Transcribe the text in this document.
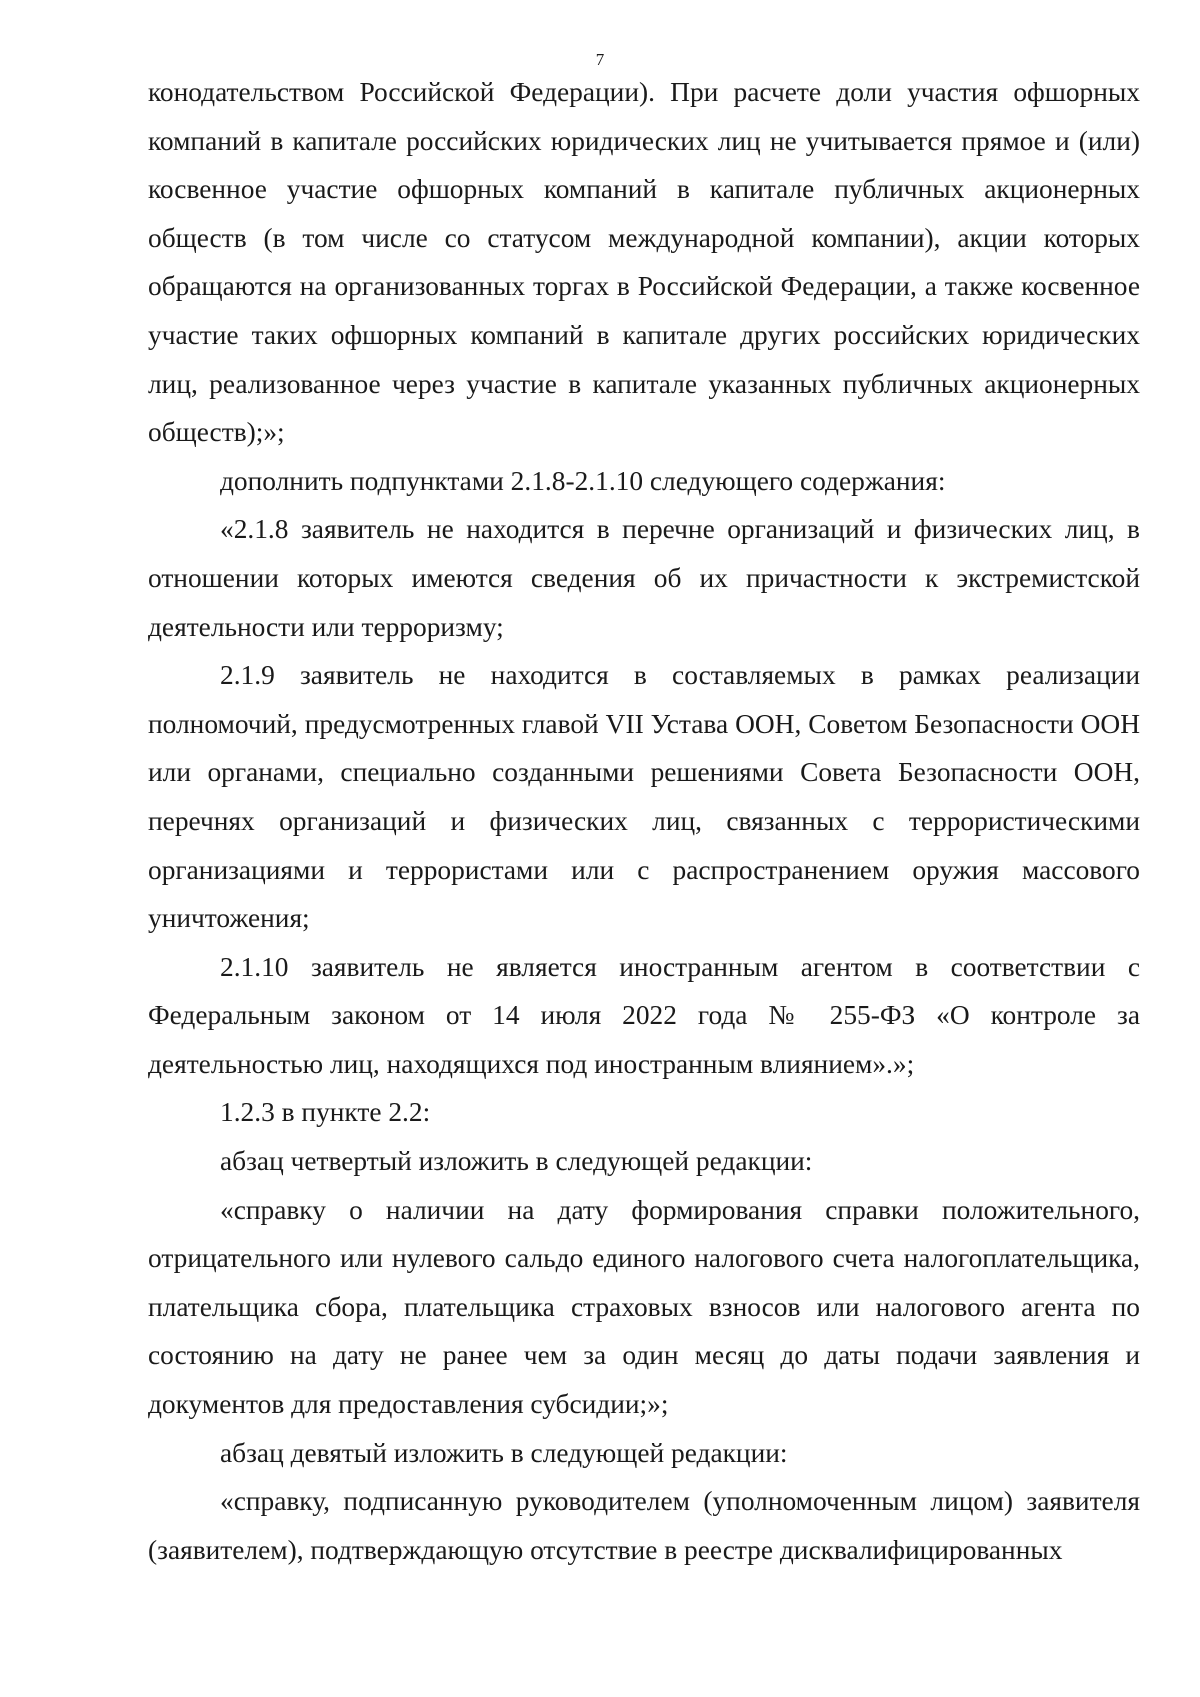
7

конодательством Российской Федерации). При расчете доли участия офшорных компаний в капитале российских юридических лиц не учитывается прямое и (или) косвенное участие офшорных компаний в капитале публичных акционерных обществ (в том числе со статусом международной компании), акции которых обращаются на организованных торгах в Российской Федерации, а также косвенное участие таких офшорных компаний в капитале других российских юридических лиц, реализованное через участие в капитале указанных публичных акционерных обществ);»;

дополнить подпунктами 2.1.8-2.1.10 следующего содержания:

«2.1.8 заявитель не находится в перечне организаций и физических лиц, в отношении которых имеются сведения об их причастности к экстремистской деятельности или терроризму;

2.1.9 заявитель не находится в составляемых в рамках реализации полномочий, предусмотренных главой VII Устава ООН, Советом Безопасности ООН или органами, специально созданными решениями Совета Безопасности ООН, перечнях организаций и физических лиц, связанных с террористическими организациями и террористами или с распространением оружия массового уничтожения;

2.1.10 заявитель не является иностранным агентом в соответствии с Федеральным законом от 14 июля 2022 года № 255-ФЗ «О контроле за деятельностью лиц, находящихся под иностранным влиянием».»;

1.2.3 в пункте 2.2:

абзац четвертый изложить в следующей редакции:

«справку о наличии на дату формирования справки положительного, отрицательного или нулевого сальдо единого налогового счета налогоплательщика, плательщика сбора, плательщика страховых взносов или налогового агента по состоянию на дату не ранее чем за один месяц до даты подачи заявления и документов для предоставления субсидии;»;

абзац девятый изложить в следующей редакции:

«справку, подписанную руководителем (уполномоченным лицом) заявителя (заявителем), подтверждающую отсутствие в реестре дисквалифицированных
